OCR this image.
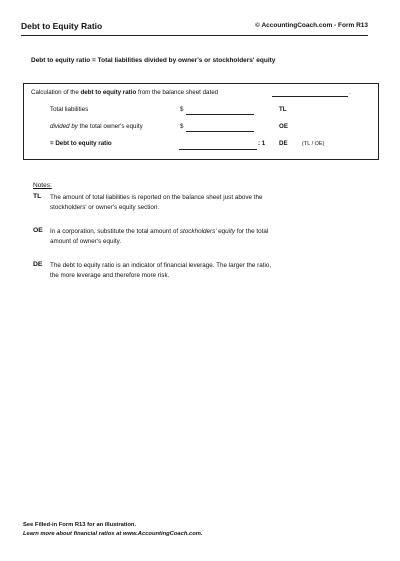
Debt to Equity Ratio	© AccountingCoach.com - Form R13
Debt to equity ratio = Total liabilities divided by owner's or stockholders' equity
Calculation of the debt to equity ratio from the balance sheet dated	.
Total liabilities	$	TL
divided by the total owner's equity	$	OE
= Debt to equity ratio	: 1 DE	(TL / OE)
Notes:
TL The amount of total liabilities is reported on the balance sheet just above the
stockholders' or owner's equity section.
OE In a corporation, substitute the total amount of stockholders' equity for the total
amount of owner's equity.
DE The debt to equity ratio is an indicator of financial leverage. The larger the ratio,
the more leverage and therefore more risk.
See Filled-in Form R13 for an illustration.
Learn more about financial ratios at www.AccountingCoach.com.
